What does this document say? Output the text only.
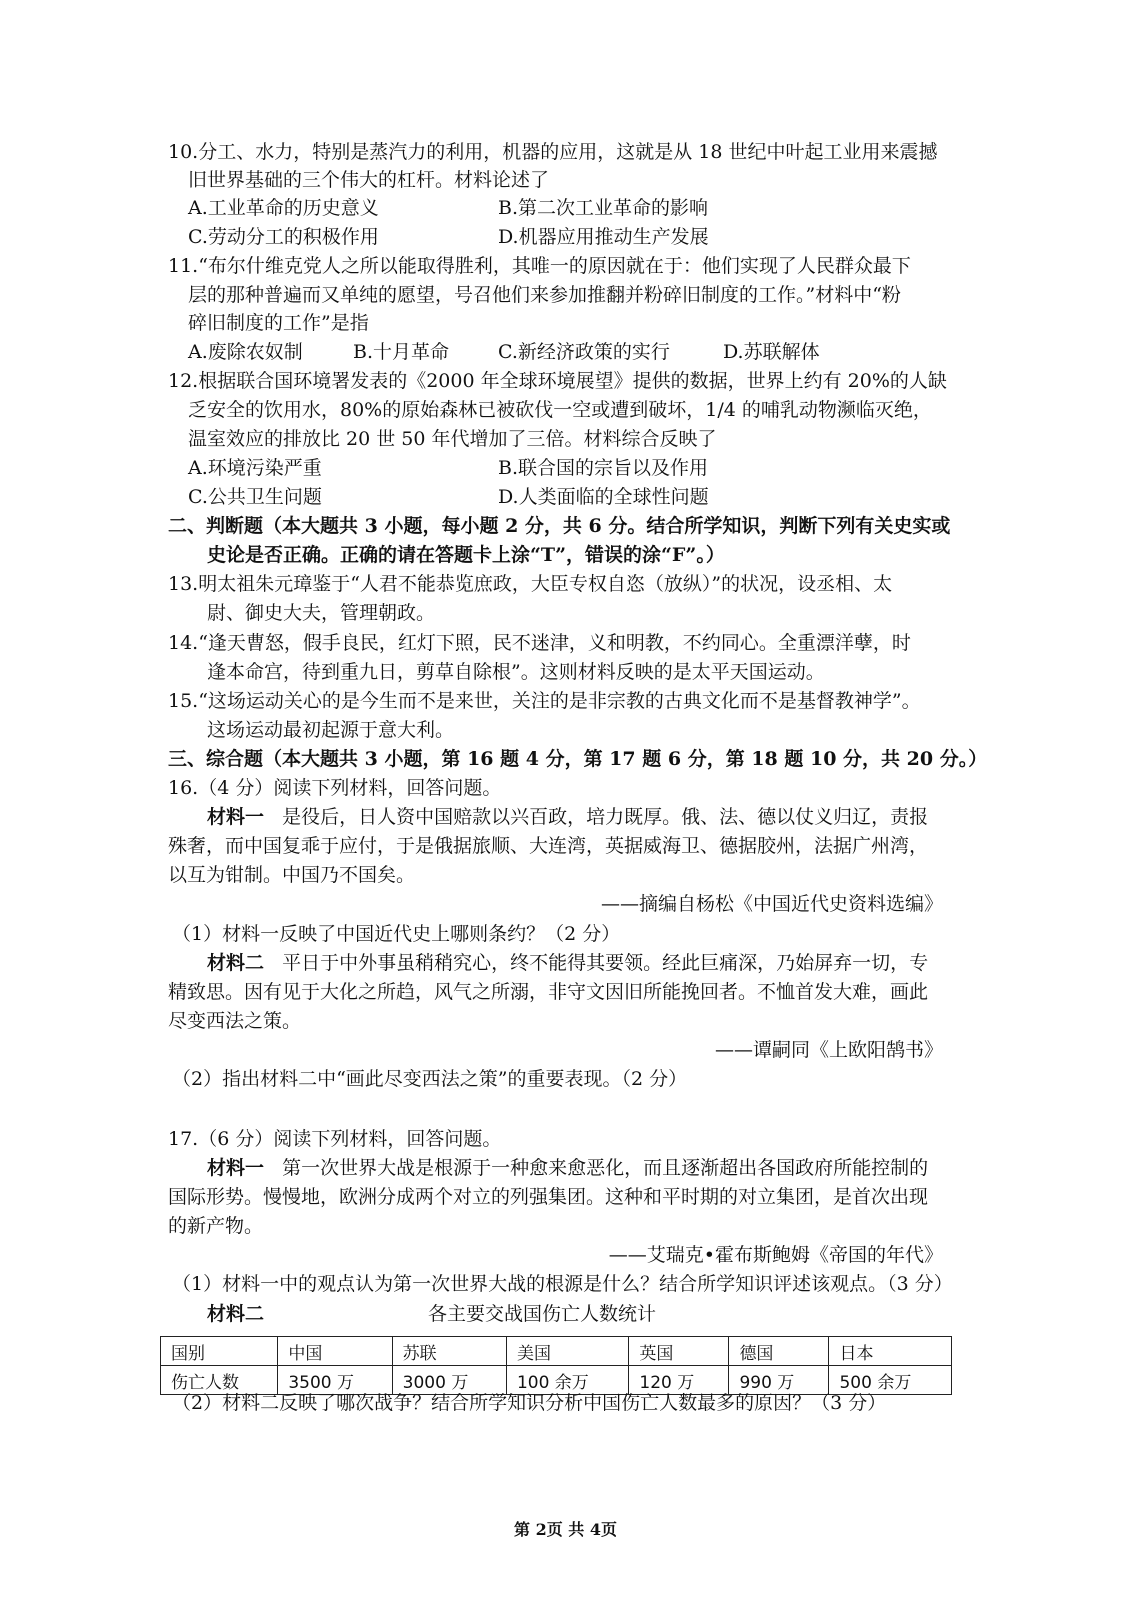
10.分工、水力，特别是蒸汽力的利用，机器的应用，这就是从 18 世纪中叶起工业用来震撼
旧世界基础的三个伟大的杠杆。材料论述了
A.工业革命的历史意义	B.第二次工业革命的影响
C.劳动分工的积极作用	D.机器应用推动生产发展
11.“布尔什维克党人之所以能取得胜利，其唯一的原因就在于：他们实现了人民群众最下
层的那种普遍而又单纯的愿望，号召他们来参加推翻并粉碎旧制度的工作。”材料中“粉
碎旧制度的工作”是指
A.废除农奴制	B.十月革命	C.新经济政策的实行	D.苏联解体
12.根据联合国环境署发表的《2000 年全球环境展望》提供的数据，世界上约有 20%的人缺
乏安全的饮用水，80%的原始森林已被砍伐一空或遭到破坏，1/4 的哺乳动物濒临灭绝，
温室效应的排放比 20 世 50 年代增加了三倍。材料综合反映了
A.环境污染严重	B.联合国的宗旨以及作用
C.公共卫生问题	D.人类面临的全球性问题
二、判断题（本大题共 3 小题，每小题 2 分，共 6 分。结合所学知识，判断下列有关史实或
史论是否正确。正确的请在答题卡上涂“T”，错误的涂“F”。）
13.明太祖朱元璋鉴于“人君不能恭览庶政，大臣专权自恣（放纵）”的状况，设丞相、太
尉、御史大夫，管理朝政。
14.“逢天曹怒，假手良民，红灯下照，民不迷津，义和明教，不约同心。全重漂洋孽，时
逢本命宫，待到重九日，剪草自除根”。这则材料反映的是太平天国运动。
15.“这场运动关心的是今生而不是来世，关注的是非宗教的古典文化而不是基督教神学”。
这场运动最初起源于意大利。
三、综合题（本大题共 3 小题，第 16 题 4 分，第 17 题 6 分，第 18 题 10 分，共 20 分。）
16.（4 分）阅读下列材料，回答问题。
材料一 是役后，日人资中国赔款以兴百政，培力既厚。俄、法、德以仗义归辽，责报
殊奢，而中国复乖于应付，于是俄据旅顺、大连湾，英据威海卫、德据胶州，法据广州湾，
以互为钳制。中国乃不国矣。
——摘编自杨松《中国近代史资料选编》
（1）材料一反映了中国近代史上哪则条约？（2 分）
材料二 平日于中外事虽稍稍究心，终不能得其要领。经此巨痛深，乃始屏弃一切，专
精致思。因有见于大化之所趋，风气之所溺，非守文因旧所能挽回者。不恤首发大难，画此
尽变西法之策。
——谭嗣同《上欧阳鹄书》
（2）指出材料二中“画此尽变西法之策”的重要表现。（2 分）
17.（6 分）阅读下列材料，回答问题。
材料一 第一次世界大战是根源于一种愈来愈恶化，而且逐渐超出各国政府所能控制的
国际形势。慢慢地，欧洲分成两个对立的列强集团。这种和平时期的对立集团，是首次出现
的新产物。
——艾瑞克•霍布斯鲍姆《帝国的年代》
（1）材料一中的观点认为第一次世界大战的根源是什么？结合所学知识评述该观点。（3 分）
材料二	各主要交战国伤亡人数统计
国别	中国	苏联	美国	英国	德国	日本
伤亡人数	3500 万	3000 万	100 余万	120 万	990 万	500 余万
（2）材料二反映了哪次战争？结合所学知识分析中国伤亡人数最多的原因？（3 分）
第 2页 共 4页
